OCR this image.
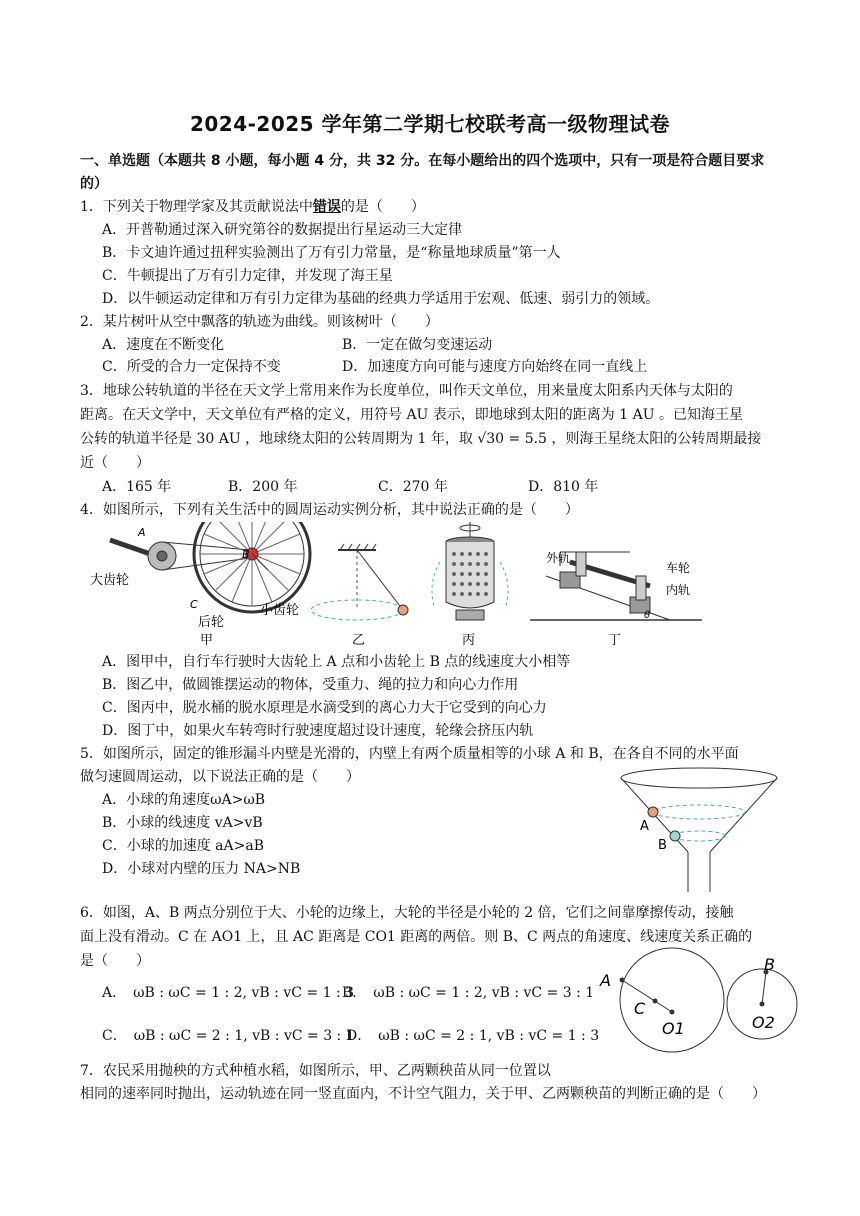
2024-2025 学年第二学期七校联考高一级物理试卷
一、单选题（本题共 8 小题，每小题 4 分，共 32 分。在每小题给出的四个选项中，只有一项是符合题目要求的）
1．下列关于物理学家及其贡献说法中错误的是（　　）
A．开普勒通过深入研究第谷的数据提出行星运动三大定律
B．卡文迪许通过扭秤实验测出了万有引力常量，是“称量地球质量”第一人
C．牛顿提出了万有引力定律，并发现了海王星
D．以牛顿运动定律和万有引力定律为基础的经典力学适用于宏观、低速、弱引力的领域。
2．某片树叶从空中飘落的轨迹为曲线。则该树叶（　　）
A．速度在不断变化	B．一定在做匀变速运动
C．所受的合力一定保持不变	D．加速度方向可能与速度方向始终在同一直线上
3．地球公转轨道的半径在天文学上常用来作为长度单位，叫作天文单位，用来量度太阳系内天体与太阳的
距离。在天文学中，天文单位有严格的定义，用符号 AU 表示，即地球到太阳的距离为 1 AU 。已知海王星
公转的轨道半径是 30 AU ，地球绕太阳的公转周期为 1 年，取 √30 = 5.5 ，则海王星绕太阳的公转周期最接
近（　　）
A．165 年	B．200 年	C．270 年	D．810 年
4．如图所示，下列有关生活中的圆周运动实例分析，其中说法正确的是（　　）
A
B
C
大齿轮
后轮
小齿轮
甲	乙	丙
外轨
车轮
内轨
θ
丁
A．图甲中，自行车行驶时大齿轮上 A 点和小齿轮上 B 点的线速度大小相等
B．图乙中，做圆锥摆运动的物体，受重力、绳的拉力和向心力作用
C．图丙中，脱水桶的脱水原理是水滴受到的离心力大于它受到的向心力
D．图丁中，如果火车转弯时行驶速度超过设计速度，轮缘会挤压内轨
5．如图所示，固定的锥形漏斗内壁是光滑的，内壁上有两个质量相等的小球 A 和 B，在各自不同的水平面
做匀速圆周运动，以下说法正确的是（　　）
A．小球的角速度ωA>ωB
B．小球的线速度 vA>vB
C．小球的加速度 aA>aB
D．小球对内壁的压力 NA>NB
A
B
6．如图，A、B 两点分别位于大、小轮的边缘上，大轮的半径是小轮的 2 倍，它们之间靠摩擦传动，接触
面上没有滑动。C 在 AO1 上，且 AC 距离是 CO1 距离的两倍。则 B、C 两点的角速度、线速度关系正确的
是（　　）
A．　ωB : ωC = 1 : 2, vB : vC = 1 : 3
B．　ωB : ωC = 1 : 2, vB : vC = 3 : 1
C．　ωB : ωC = 2 : 1, vB : vC = 3 : 1
D．　ωB : ωC = 2 : 1, vB : vC = 1 : 3
A
C
O1
B
O2
7．农民采用抛秧的方式种植水稻，如图所示，甲、乙两颗秧苗从同一位置以
相同的速率同时抛出，运动轨迹在同一竖直面内，不计空气阻力，关于甲、乙两颗秧苗的判断正确的是（　　）
